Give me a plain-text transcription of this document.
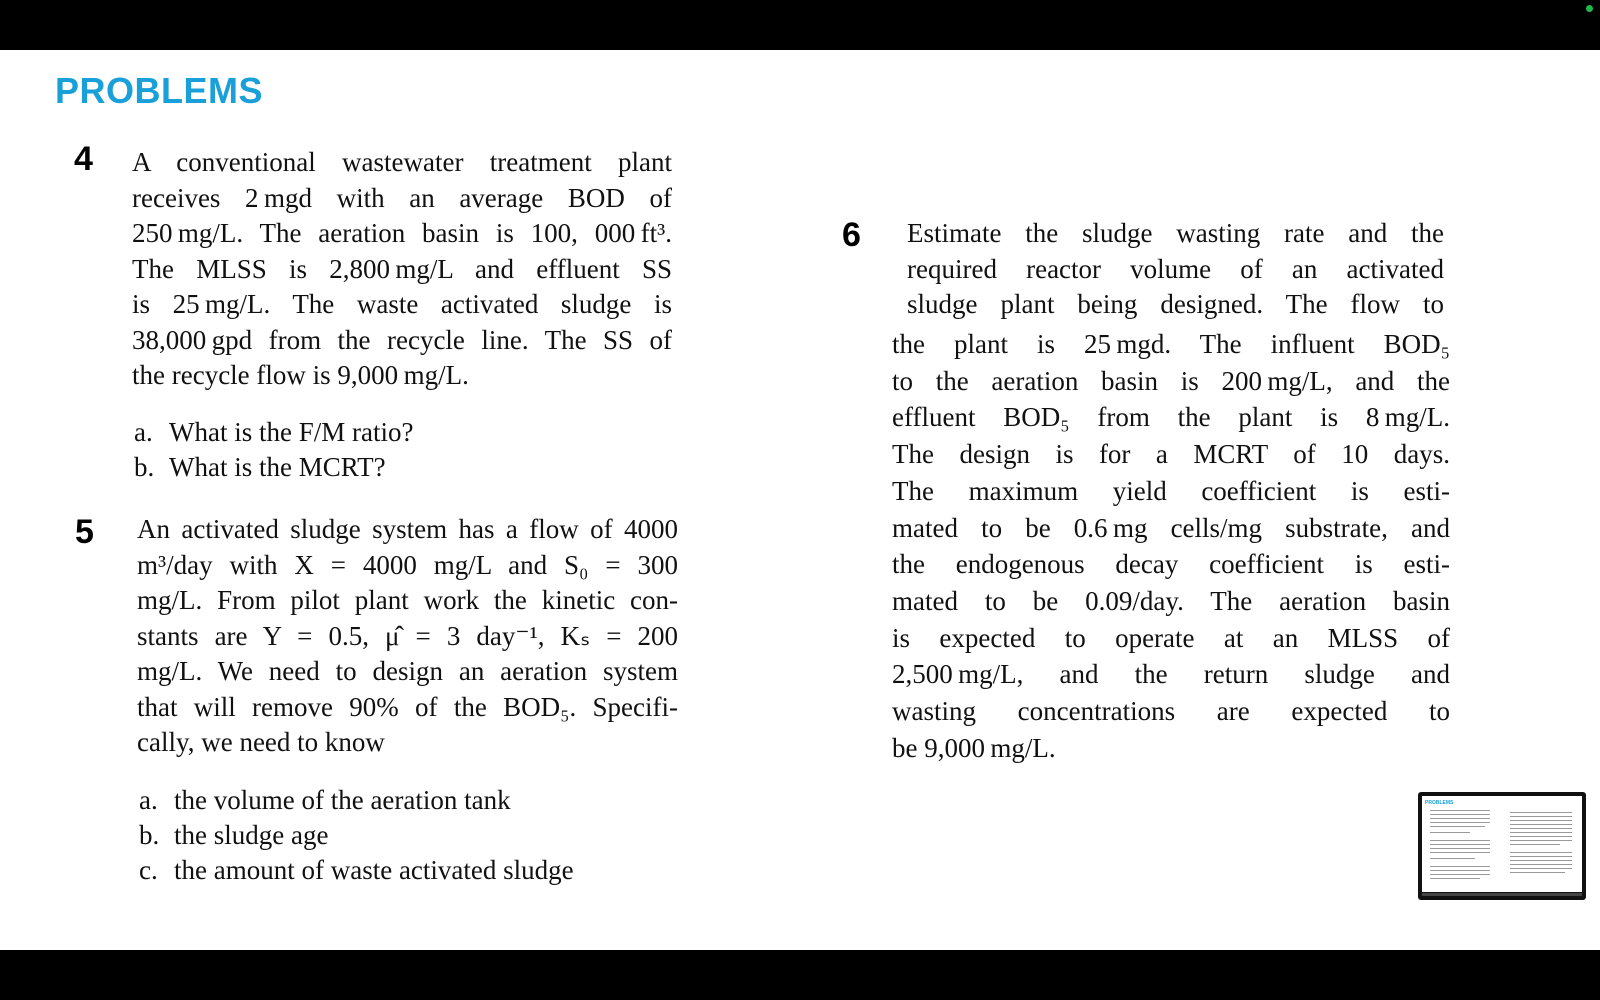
PROBLEMS
4 A conventional wastewater treatment plant
receives 2 mgd with an average BOD of
250 mg/L. The aeration basin is 100, 000 ft³.
The MLSS is 2,800 mg/L and effluent SS
is 25 mg/L. The waste activated sludge is
38,000 gpd from the recycle line. The SS of
the recycle flow is 9,000 mg/L.
a. What is the F/M ratio?
b. What is the MCRT?
5 An activated sludge system has a flow of 4000
m³/day with X = 4000 mg/L and S₀ = 300
mg/L. From pilot plant work the kinetic con-
stants are Y = 0.5, μ̂ = 3 day⁻¹, Kₛ = 200
mg/L. We need to design an aeration system
that will remove 90% of the BOD₅. Specifi-
cally, we need to know
a. the volume of the aeration tank
b. the sludge age
c. the amount of waste activated sludge
6 Estimate the sludge wasting rate and the
required reactor volume of an activated
sludge plant being designed. The flow to
the plant is 25 mgd. The influent BOD₅
to the aeration basin is 200 mg/L, and the
effluent BOD₅ from the plant is 8 mg/L.
The design is for a MCRT of 10 days.
The maximum yield coefficient is esti-
mated to be 0.6 mg cells/mg substrate, and
the endogenous decay coefficient is esti-
mated to be 0.09/day. The aeration basin
is expected to operate at an MLSS of
2,500 mg/L, and the return sludge and
wasting concentrations are expected to
be 9,000 mg/L.
PROBLEMS
